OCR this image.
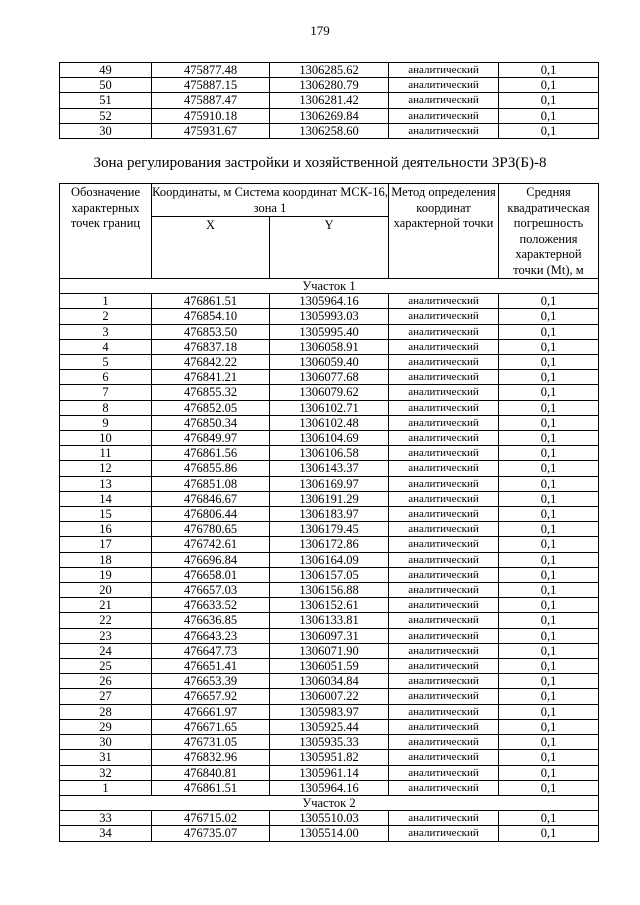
179
49	475877.48	1306285.62	аналитический	0,1
50	475887.15	1306280.79	аналитический	0,1
51	475887.47	1306281.42	аналитический	0,1
52	475910.18	1306269.84	аналитический	0,1
30	475931.67	1306258.60	аналитический	0,1
Зона регулирования застройки и хозяйственной деятельности ЗРЗ(Б)-8
Обозначение характерных точек границ	Координаты, м Система координат МСК-16, зона 1		Метод определения координат характерной точки	Средняя квадратическая погрешность положения характерной точки (Mt), м
	X	Y		
Участок 1				
1	476861.51	1305964.16	аналитический	0,1
2	476854.10	1305993.03	аналитический	0,1
3	476853.50	1305995.40	аналитический	0,1
4	476837.18	1306058.91	аналитический	0,1
5	476842.22	1306059.40	аналитический	0,1
6	476841.21	1306077.68	аналитический	0,1
7	476855.32	1306079.62	аналитический	0,1
8	476852.05	1306102.71	аналитический	0,1
9	476850.34	1306102.48	аналитический	0,1
10	476849.97	1306104.69	аналитический	0,1
11	476861.56	1306106.58	аналитический	0,1
12	476855.86	1306143.37	аналитический	0,1
13	476851.08	1306169.97	аналитический	0,1
14	476846.67	1306191.29	аналитический	0,1
15	476806.44	1306183.97	аналитический	0,1
16	476780.65	1306179.45	аналитический	0,1
17	476742.61	1306172.86	аналитический	0,1
18	476696.84	1306164.09	аналитический	0,1
19	476658.01	1306157.05	аналитический	0,1
20	476657.03	1306156.88	аналитический	0,1
21	476633.52	1306152.61	аналитический	0,1
22	476636.85	1306133.81	аналитический	0,1
23	476643.23	1306097.31	аналитический	0,1
24	476647.73	1306071.90	аналитический	0,1
25	476651.41	1306051.59	аналитический	0,1
26	476653.39	1306034.84	аналитический	0,1
27	476657.92	1306007.22	аналитический	0,1
28	476661.97	1305983.97	аналитический	0,1
29	476671.65	1305925.44	аналитический	0,1
30	476731.05	1305935.33	аналитический	0,1
31	476832.96	1305951.82	аналитический	0,1
32	476840.81	1305961.14	аналитический	0,1
1	476861.51	1305964.16	аналитический	0,1
Участок 2				
33	476715.02	1305510.03	аналитический	0,1
34	476735.07	1305514.00	аналитический	0,1
